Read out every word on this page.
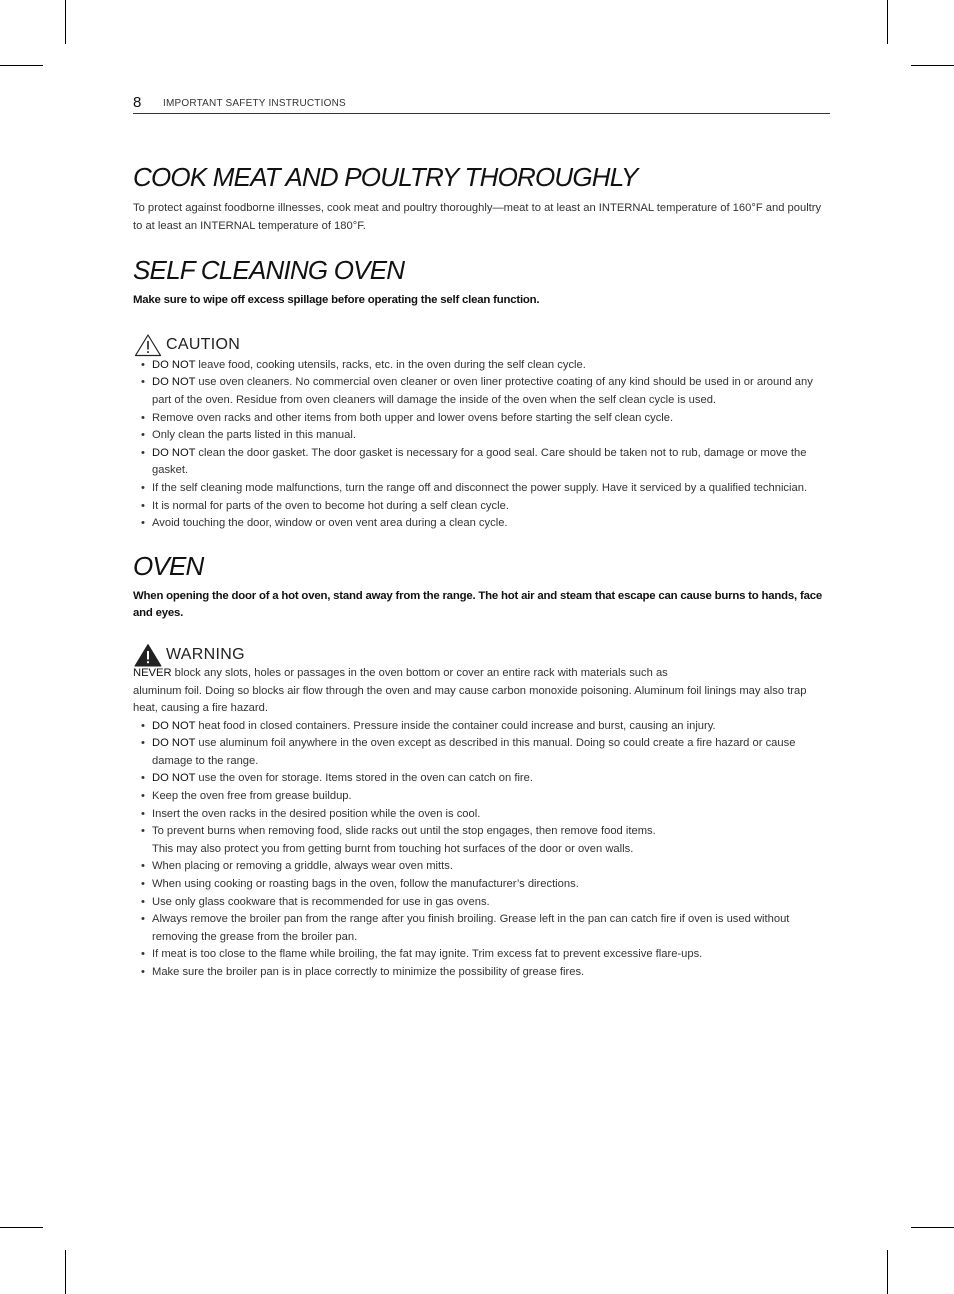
8 IMPORTANT SAFETY INSTRUCTIONS
COOK MEAT AND POULTRY THOROUGHLY

To protect against foodborne illnesses, cook meat and poultry thoroughly—meat to at least an INTERNAL temperature of 160°F and poultry to at least an INTERNAL temperature of 180°F.

SELF CLEANING OVEN

Make sure to wipe off excess spillage before operating the self clean function.

CAUTION
• DO NOT leave food, cooking utensils, racks, etc. in the oven during the self clean cycle.
• DO NOT use oven cleaners. No commercial oven cleaner or oven liner protective coating of any kind should be used in or around any part of the oven. Residue from oven cleaners will damage the inside of the oven when the self clean cycle is used.
• Remove oven racks and other items from both upper and lower ovens before starting the self clean cycle.
• Only clean the parts listed in this manual.
• DO NOT clean the door gasket. The door gasket is necessary for a good seal. Care should be taken not to rub, damage or move the gasket.
• If the self cleaning mode malfunctions, turn the range off and disconnect the power supply. Have it serviced by a qualified technician.
• It is normal for parts of the oven to become hot during a self clean cycle.
• Avoid touching the door, window or oven vent area during a clean cycle.
OVEN

When opening the door of a hot oven, stand away from the range. The hot air and steam that escape can cause burns to hands, face and eyes.

WARNING

NEVER block any slots, holes or passages in the oven bottom or cover an entire rack with materials such as
aluminum foil. Doing so blocks air flow through the oven and may cause carbon monoxide poisoning. Aluminum foil linings may also trap heat, causing a fire hazard.

• DO NOT heat food in closed containers. Pressure inside the container could increase and burst, causing an injury.
• DO NOT use aluminum foil anywhere in the oven except as described in this manual. Doing so could create a fire hazard or cause damage to the range.
• DO NOT use the oven for storage. Items stored in the oven can catch on fire.
• Keep the oven free from grease buildup.
• Insert the oven racks in the desired position while the oven is cool.
• To prevent burns when removing food, slide racks out until the stop engages, then remove food items.
This may also protect you from getting burnt from touching hot surfaces of the door or oven walls.
• When placing or removing a griddle, always wear oven mitts.
• When using cooking or roasting bags in the oven, follow the manufacturer’s directions.
• Use only glass cookware that is recommended for use in gas ovens.
• Always remove the broiler pan from the range after you finish broiling. Grease left in the pan can catch fire if oven is used without removing the grease from the broiler pan.
• If meat is too close to the flame while broiling, the fat may ignite. Trim excess fat to prevent excessive flare-ups.
• Make sure the broiler pan is in place correctly to minimize the possibility of grease fires.
